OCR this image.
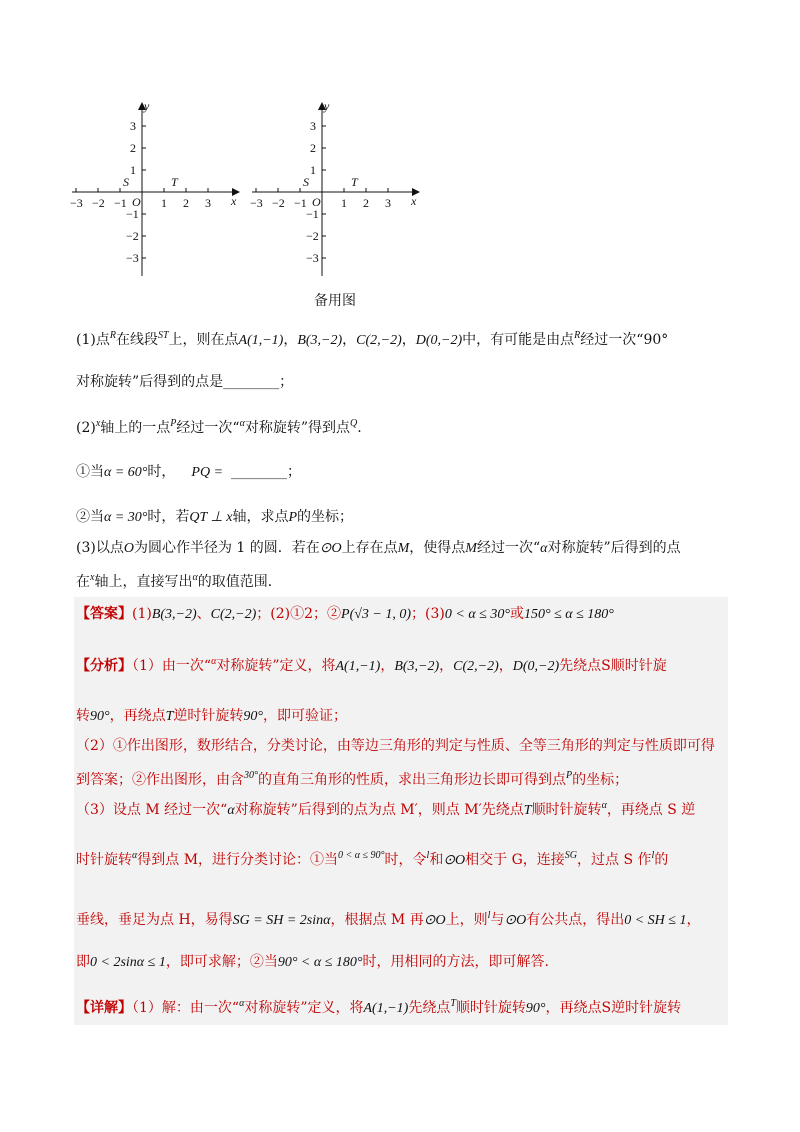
−3 −2 −1	1 2 3 x
3
2
1
−1
−2
−3
y
O
S	T
−3 −2 −1	1 2 3 x
3
2
1
−1
−2
−3
y
O
S	T
备用图
(1)点$^R$在线段$^{ST}$上，则在点A(1,−1)，B(3,−2)，C(2,−2)，D(0,−2)中，有可能是由点$^R$经过一次“90°
对称旋转”后得到的点是________；
$(2)^x$轴上的一点$^P$经过一次“$^\alpha$对称旋转”得到点$^Q$.
①当α = 60°时， PQ = ________；
②当α = 30°时，若QT ⊥ x轴，求点P的坐标；
(3)以点O为圆心作半径为 1 的圆．若在⊙O上存在点M，使得点M经过一次“α对称旋转”后得到的点
在$^x$轴上，直接写出$^\alpha$的取值范围．
【答案】(1)B(3,−2)、C(2,−2)；(2)①2；②P(√3 − 1, 0)；(3)0 < α ≤ 30°或150° ≤ α ≤ 180°
【分析】（1）由一次“$^\alpha$对称旋转”定义，将A(1,−1)，B(3,−2)，C(2,−2)，D(0,−2)先绕点S顺时针旋
转90°，再绕点T逆时针旋转90°，即可验证；
（2）①作出图形，数形结合，分类讨论，由等边三角形的判定与性质、全等三角形的判定与性质即可得
到答案；②作出图形，由含$^{30^\circ}$的直角三角形的性质，求出三角形边长即可得到点$^P$的坐标；
（3）设点 M 经过一次“α对称旋转”后得到的点为点 M′，则点 M′先绕点T顺时针旋转$^\alpha$，再绕点 S 逆
时针旋转$^\alpha$得到点 M，进行分类讨论：①当$^{0 < \alpha \le 90^\circ}$时，令$^l$和⊙O相交于 G，连接$^{SG}$，过点 S 作$^l$的
垂线，垂足为点 H，易得SG = SH = 2sinα，根据点 M 再⊙O上，则$^l$与⊙O有公共点，得出0 < SH ≤ 1，
即0 < 2sinα ≤ 1，即可求解；②当90° < α ≤ 180°时，用相同的方法，即可解答.
【详解】（1）解：由一次“$^\alpha$对称旋转”定义，将A(1,−1)先绕点$^T$顺时针旋转90°，再绕点S逆时针旋转
